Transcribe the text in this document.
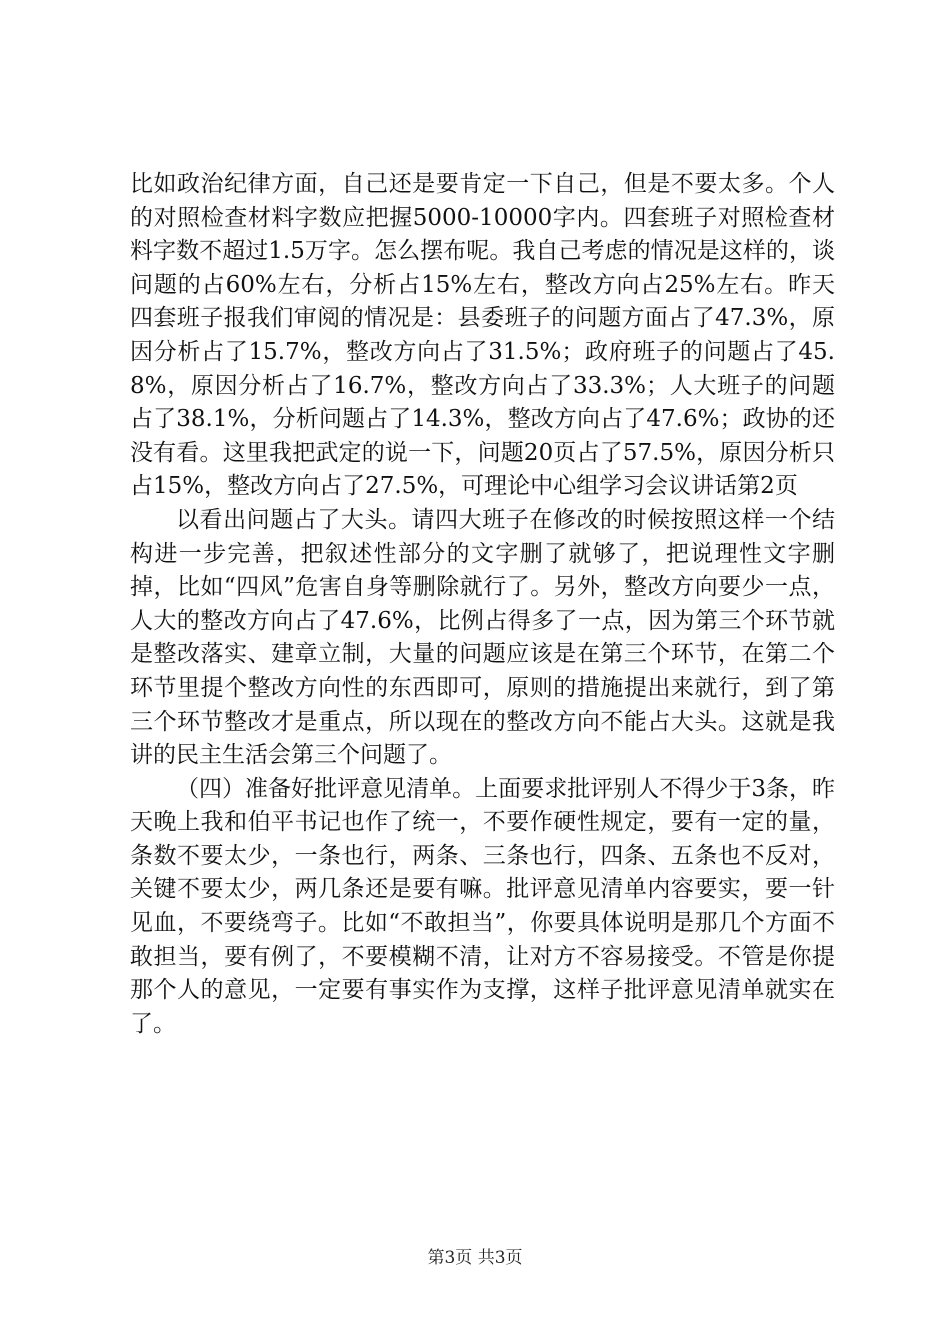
比如政治纪律方面，自己还是要肯定一下自己，但是不要太多。个人的对照检查材料字数应把握5000-10000字内。四套班子对照检查材料字数不超过1.5万字。怎么摆布呢。我自己考虑的情况是这样的，谈问题的占60%左右，分析占15%左右，整改方向占25%左右。昨天四套班子报我们审阅的情况是：县委班子的问题方面占了47.3%，原因分析占了15.7%，整改方向占了31.5%；政府班子的问题占了45.8%，原因分析占了16.7%，整改方向占了33.3%；人大班子的问题占了38.1%，分析问题占了14.3%，整改方向占了47.6%；政协的还没有看。这里我把武定的说一下，问题20页占了57.5%，原因分析只占15%，整改方向占了27.5%，可理论中心组学习会议讲话第2页

以看出问题占了大头。请四大班子在修改的时候按照这样一个结构进一步完善，把叙述性部分的文字删了就够了，把说理性文字删掉，比如“四风”危害自身等删除就行了。另外，整改方向要少一点，人大的整改方向占了47.6%，比例占得多了一点，因为第三个环节就是整改落实、建章立制，大量的问题应该是在第三个环节，在第二个环节里提个整改方向性的东西即可，原则的措施提出来就行，到了第三个环节整改才是重点，所以现在的整改方向不能占大头。这就是我讲的民主生活会第三个问题了。

（四）准备好批评意见清单。上面要求批评别人不得少于3条，昨天晚上我和伯平书记也作了统一，不要作硬性规定，要有一定的量，条数不要太少，一条也行，两条、三条也行，四条、五条也不反对，关键不要太少，两几条还是要有嘛。批评意见清单内容要实，要一针见血，不要绕弯子。比如“不敢担当”，你要具体说明是那几个方面不敢担当，要有例了，不要模糊不清，让对方不容易接受。不管是你提那个人的意见，一定要有事实作为支撑，这样子批评意见清单就实在了。

第3页 共3页
